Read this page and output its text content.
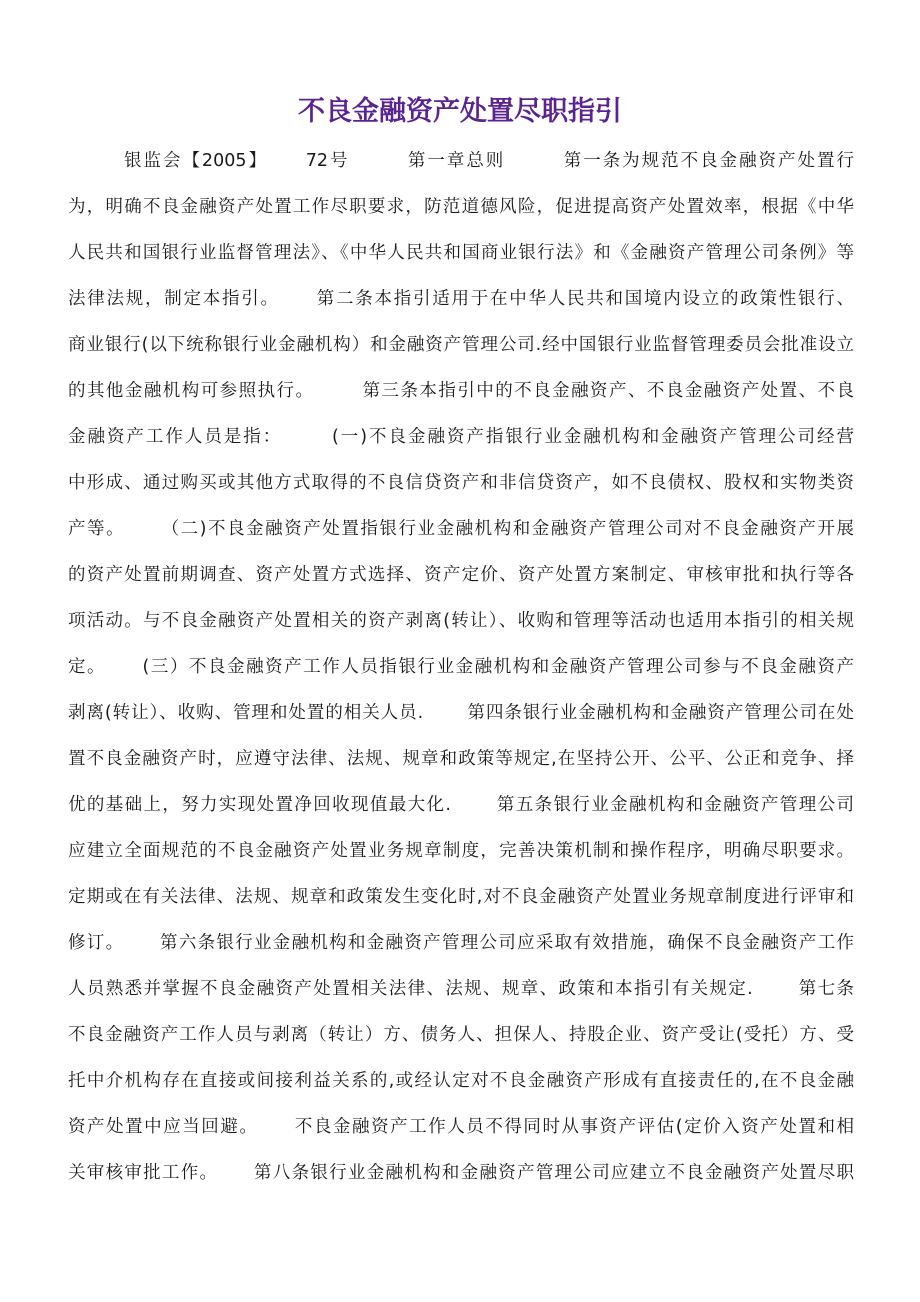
不良金融资产处置尽职指引
银监会【2005】　　 72号　　　第一章总则　　　第一条为规范不良金融资产处置行
为，明确不良金融资产处置工作尽职要求，防范道德风险，促进提高资产处置效率，根据《中华
人民共和国银行业监督管理法》、《中华人民共和国商业银行法》和《金融资产管理公司条例》等
法律法规，制定本指引。　　 第二条本指引适用于在中华人民共和国境内设立的政策性银行、
商业银行(以下统称银行业金融机构）和金融资产管理公司.经中国银行业监督管理委员会批准设立
的其他金融机构可参照执行。　　　第三条本指引中的不良金融资产、不良金融资产处置、不良
金融资产工作人员是指：　　　(一)不良金融资产指银行业金融机构和金融资产管理公司经营
中形成、通过购买或其他方式取得的不良信贷资产和非信贷资产，如不良债权、股权和实物类资
产等。　　 （二)不良金融资产处置指银行业金融机构和金融资产管理公司对不良金融资产开展
的资产处置前期调查、资产处置方式选择、资产定价、资产处置方案制定、审核审批和执行等各
项活动。与不良金融资产处置相关的资产剥离(转让）、收购和管理等活动也适用本指引的相关规
定。　　 (三）不良金融资产工作人员指银行业金融机构和金融资产管理公司参与不良金融资产
剥离(转让）、收购、管理和处置的相关人员.　　 第四条银行业金融机构和金融资产管理公司在处
置不良金融资产时，应遵守法律、法规、规章和政策等规定,在坚持公开、公平、公正和竞争、择
优的基础上，努力实现处置净回收现值最大化.　　 第五条银行业金融机构和金融资产管理公司
应建立全面规范的不良金融资产处置业务规章制度，完善决策机制和操作程序，明确尽职要求。
定期或在有关法律、法规、规章和政策发生变化时,对不良金融资产处置业务规章制度进行评审和
修订。　　 第六条银行业金融机构和金融资产管理公司应采取有效措施，确保不良金融资产工作
人员熟悉并掌握不良金融资产处置相关法律、法规、规章、政策和本指引有关规定.　　 第七条
不良金融资产工作人员与剥离（转让）方、债务人、担保人、持股企业、资产受让(受托）方、受
托中介机构存在直接或间接利益关系的,或经认定对不良金融资产形成有直接责任的,在不良金融
资产处置中应当回避。　　 不良金融资产工作人员不得同时从事资产评估(定价入资产处置和相
关审核审批工作。　　 第八条银行业金融机构和金融资产管理公司应建立不良金融资产处置尽职
